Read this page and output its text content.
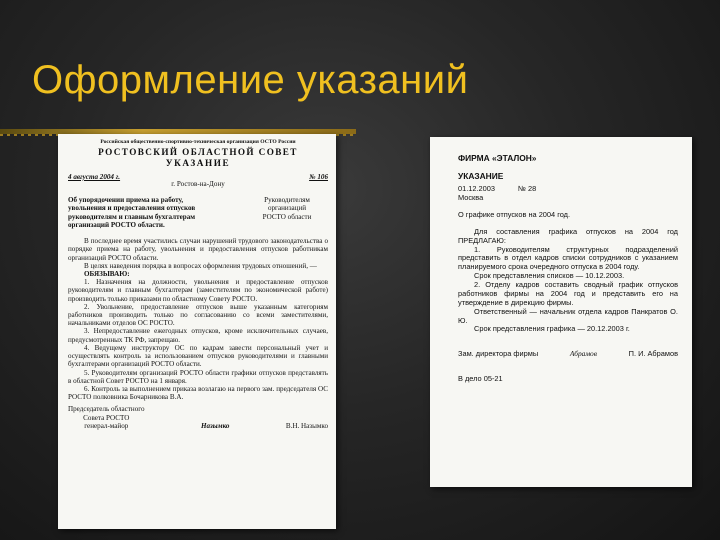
Оформление указаний
Российская общественно-спортивно-техническая организация ОСТО России
РОСТОВСКИЙ ОБЛАСТНОЙ СОВЕТ
УКАЗАНИЕ
4 августа 2004 г.	№ 106
г. Ростов-на-Дону
Об упорядочении приема на работу,
увольнения и предоставления отпусков
руководителям и главным бухгалтерам
организаций РОСТО области.
Руководителям
организаций
РОСТО области

В последнее время участились случаи нарушений трудового законодательства о порядке приема на работу, увольнения и предоставления отпусков работникам организаций РОСТО области.

В целях наведения порядка в вопросах оформления трудовых отношений, —

ОБЯЗЫВАЮ:

1. Назначения на должности, увольнения и предоставление отпусков руководителям и главным бухгалтерам (заместителям по экономической работе) производить только приказами по областному Совету РОСТО.

2. Увольнение, предоставление отпусков выше указанным категориям работников производить только по согласованию со всеми заместителями, начальниками отделов ОС РОСТО.

3. Непредоставление ежегодных отпусков, кроме исключительных случаев, предусмотренных ТК РФ, запрещаю.

4. Ведущему инструктору ОС по кадрам завести персональный учет и осуществлять контроль за использованием отпусков руководителями и главными бухгалтерами организаций РОСТО области.

5. Руководителям организаций РОСТО области графики отпусков представлять в областной Совет РОСТО на 1 января.

6. Контроль за выполнением приказа возлагаю на первого зам. председателя ОС РОСТО полковника Бочарникова В.А.

Председатель областного
Совета РОСТО
генерал-майор	Назымко	В.Н. Назымко
ФИРМА «ЭТАЛОН»
УКАЗАНИЕ
01.12.2003	№ 28
Москва
О графике отпусков на 2004 год.

Для составления графика отпусков на 2004 год ПРЕДЛАГАЮ:

1. Руководителям структурных подразделений представить в отдел кадров списки сотрудников с указанием планируемого срока очередного отпуска в 2004 году.

Срок представления списков — 10.12.2003.

2. Отделу кадров составить сводный график отпусков работников фирмы на 2004 год и представить его на утверждение в дирекцию фирмы.

Ответственный — начальник отдела кадров Панкратов О. Ю.

Срок представления графика — 20.12.2003 г.

Зам. директора фирмы	Абрамов	П. И. Абрамов
В дело 05-21
